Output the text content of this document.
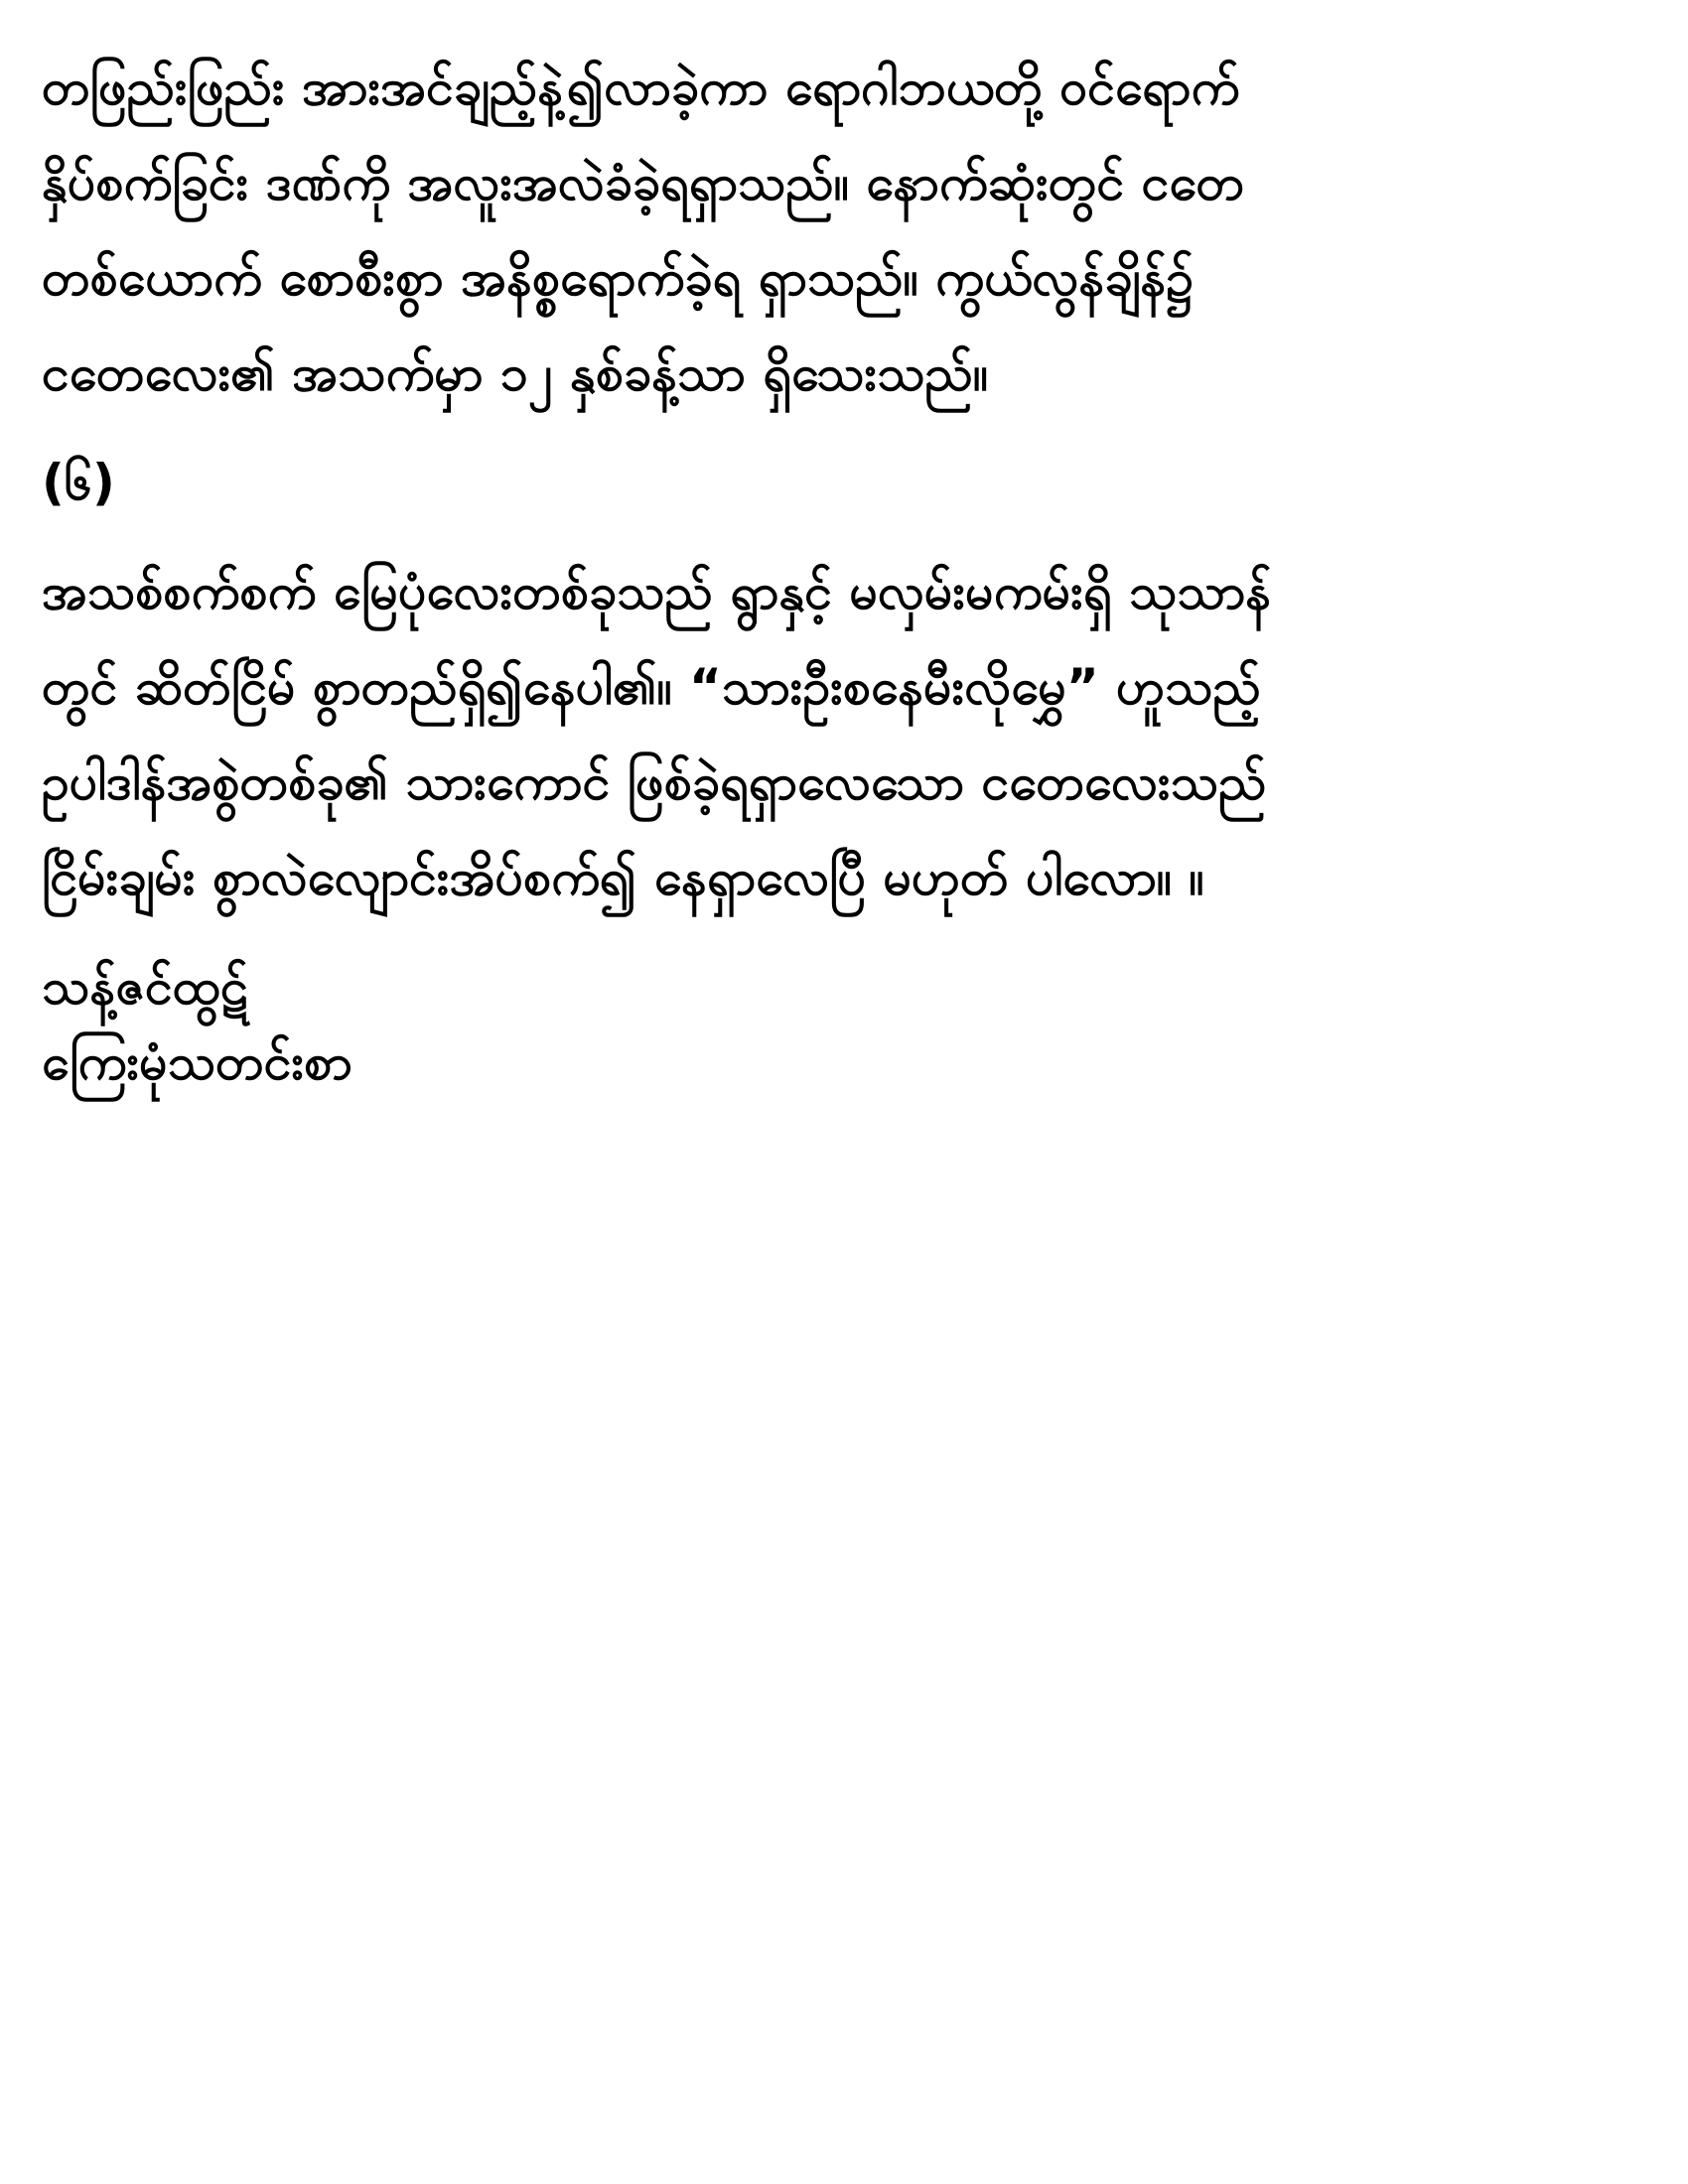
တဖြည်းဖြည်း အားအင်ချည့်နဲ့၍လာခဲ့ကာ ရောဂါဘယတို့ ဝင်ရောက်
နှိပ်စက်ခြင်း ဒဏ်ကို အလူးအလဲခံခဲ့ရရှာသည်။ နောက်ဆုံးတွင် ငတေ
တစ်ယောက် စောစီးစွာ အနိစ္စရောက်ခဲ့ရ ရှာသည်။ ကွယ်လွန်ချိန်၌
ငတေလေး၏ အသက်မှာ ၁၂ နှစ်ခန့်သာ ရှိသေးသည်။
(၆)
အသစ်စက်စက် မြေပုံလေးတစ်ခုသည် ရွာနှင့် မလှမ်းမကမ်းရှိ သုသာန်
တွင် ဆိတ်ငြိမ် စွာတည်ရှိ၍နေပါ၏။ “သားဦးစနေမီးလိုမွှေ” ဟူသည့်
ဥပါဒါန်အစွဲတစ်ခု၏ သားကောင် ဖြစ်ခဲ့ရရှာလေသော ငတေလေးသည်
ငြိမ်းချမ်း စွာလဲလျောင်းအိပ်စက်၍ နေရှာလေပြီ မဟုတ် ပါလော။ ။
သန့်ဇင်ထွဋ်
ကြေးမုံသတင်းစာ
